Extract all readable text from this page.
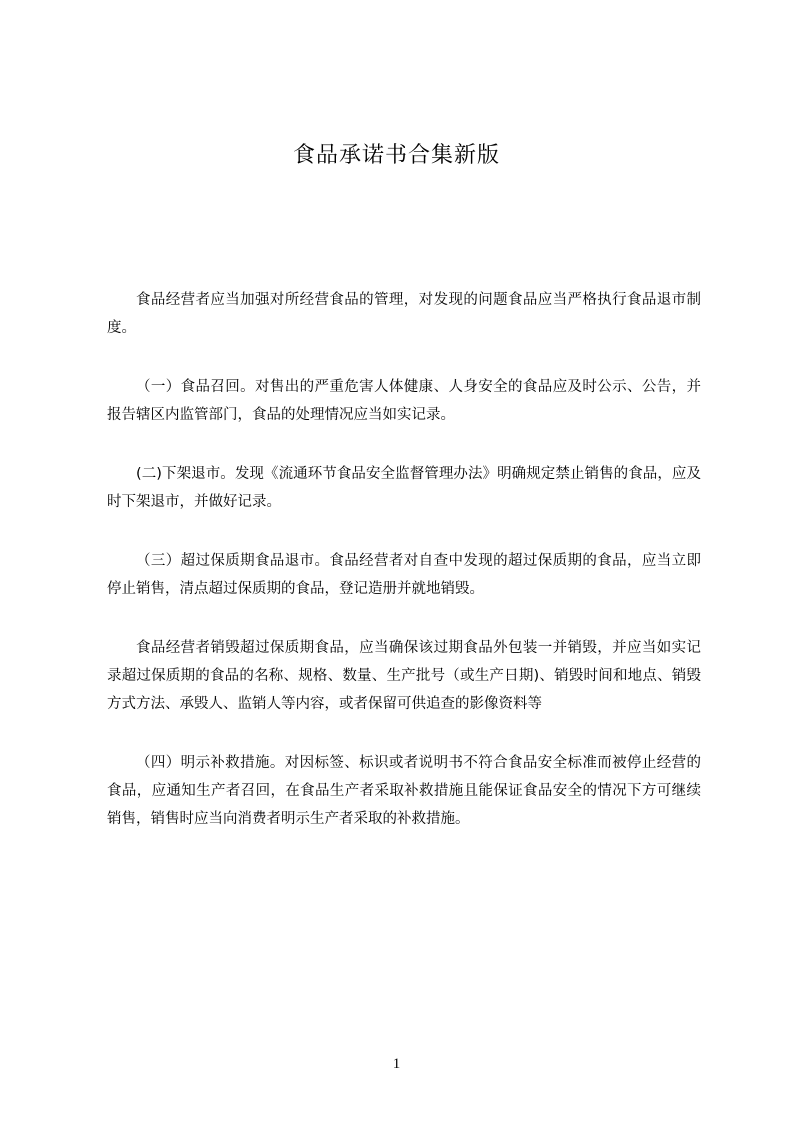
食品承诺书合集新版

食品经营者应当加强对所经营食品的管理，对发现的问题食品应当严格执行食品退市制度。

（一）食品召回。对售出的严重危害人体健康、人身安全的食品应及时公示、公告，并报告辖区内监管部门，食品的处理情况应当如实记录。

(二)下架退市。发现《流通环节食品安全监督管理办法》明确规定禁止销售的食品，应及时下架退市，并做好记录。

（三）超过保质期食品退市。食品经营者对自查中发现的超过保质期的食品，应当立即停止销售，清点超过保质期的食品，登记造册并就地销毁。

食品经营者销毁超过保质期食品，应当确保该过期食品外包装一并销毁，并应当如实记录超过保质期的食品的名称、规格、数量、生产批号（或生产日期)、销毁时间和地点、销毁方式方法、承毁人、监销人等内容，或者保留可供追查的影像资料等

（四）明示补救措施。对因标签、标识或者说明书不符合食品安全标准而被停止经营的食品，应通知生产者召回，在食品生产者采取补救措施且能保证食品安全的情况下方可继续销售，销售时应当向消费者明示生产者采取的补救措施。

1
